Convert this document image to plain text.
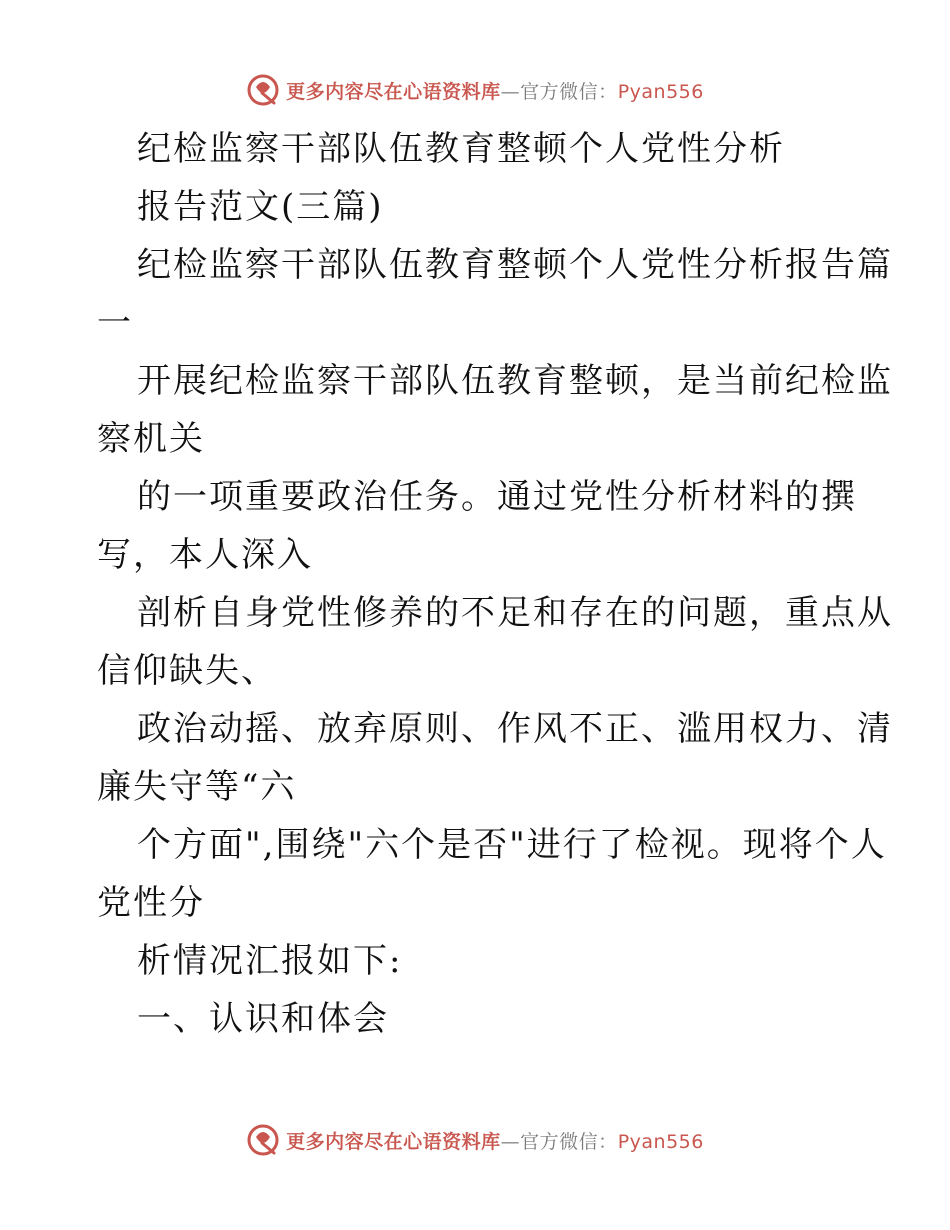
更多内容尽在心语资料库—官方微信：Pyan556
纪检监察干部队伍教育整顿个人党性分析
报告范文(三篇)
纪检监察干部队伍教育整顿个人党性分析报告篇
一
开展纪检监察干部队伍教育整顿，是当前纪检监
察机关
的一项重要政治任务。通过党性分析材料的撰
写，本人深入
剖析自身党性修养的不足和存在的问题，重点从
信仰缺失、
政治动摇、放弃原则、作风不正、滥用权力、清
廉失守等“六
个方面",围绕"六个是否"进行了检视。现将个人
党性分
析情况汇报如下:
一、认识和体会
更多内容尽在心语资料库—官方微信：Pyan556
